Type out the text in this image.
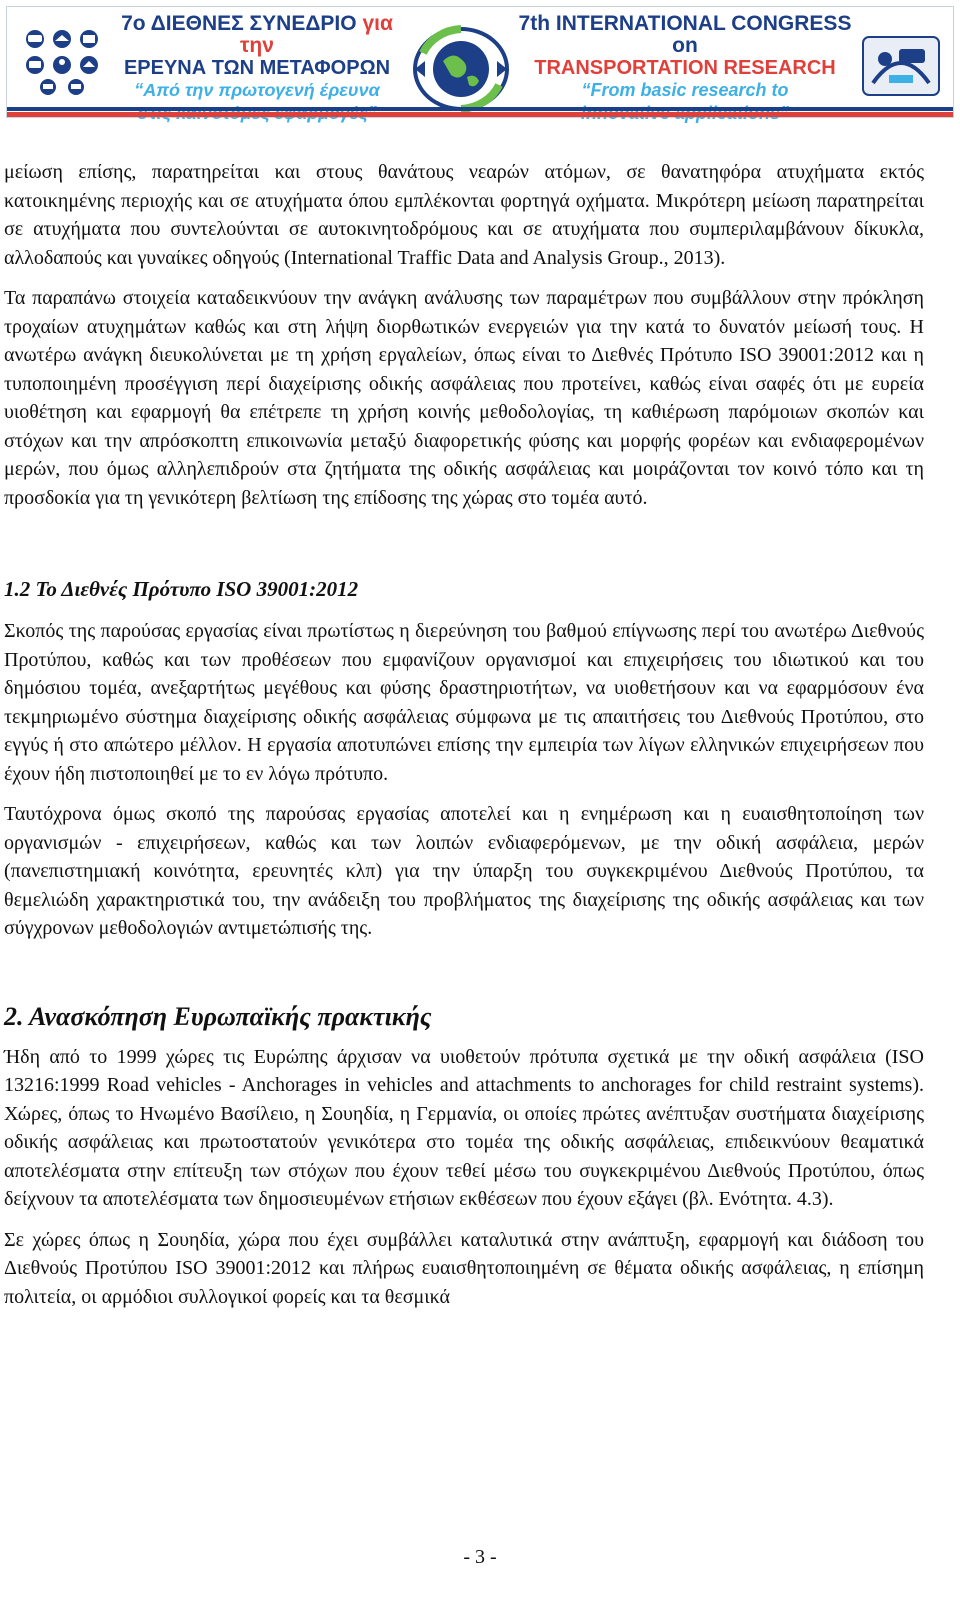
7ο ΔΙΕΘΝΕΣ ΣΥΝΕΔΡΙΟ για την
ΕΡΕΥΝΑ ΤΩΝ ΜΕΤΑΦΟΡΩΝ
“Από την πρωτογενή έρευνα
7th INTERNATIONAL CONGRESS on
TRANSPORTATION RESEARCH
“From basic research to

μείωση επίσης, παρατηρείται και στους θανάτους νεαρών ατόμων, σε θανατηφόρα ατυχήματα εκτός κατοικημένης περιοχής και σε ατυχήματα όπου εμπλέκονται φορτηγά οχήματα. Μικρότερη μείωση παρατηρείται σε ατυχήματα που συντελούνται σε αυτοκινητοδρόμους και σε ατυχήματα που συμπεριλαμβάνουν δίκυκλα, αλλοδαπούς και γυναίκες οδηγούς (International Traffic Data and Analysis Group., 2013).

Τα παραπάνω στοιχεία καταδεικνύουν την ανάγκη ανάλυσης των παραμέτρων που συμβάλλουν στην πρόκληση τροχαίων ατυχημάτων καθώς και στη λήψη διορθωτικών ενεργειών για την κατά το δυνατόν μείωσή τους. Η ανωτέρω ανάγκη διευκολύνεται με τη χρήση εργαλείων, όπως είναι το Διεθνές Πρότυπο ISO 39001:2012 και η τυποποιημένη προσέγγιση περί διαχείρισης οδικής ασφάλειας που προτείνει, καθώς είναι σαφές ότι με ευρεία υιοθέτηση και εφαρμογή θα επέτρεπε τη χρήση κοινής μεθοδολογίας, τη καθιέρωση παρόμοιων σκοπών και στόχων και την απρόσκοπτη επικοινωνία μεταξύ διαφορετικής φύσης και μορφής φορέων και ενδιαφερομένων μερών, που όμως αλληλεπιδρούν στα ζητήματα της οδικής ασφάλειας και μοιράζονται τον κοινό τόπο και τη προσδοκία για τη γενικότερη βελτίωση της επίδοσης της χώρας στο τομέα αυτό.

1.2 Το Διεθνές Πρότυπο ISO 39001:2012

Σκοπός της παρούσας εργασίας είναι πρωτίστως η διερεύνηση του βαθμού επίγνωσης περί του ανωτέρω Διεθνούς Προτύπου, καθώς και των προθέσεων που εμφανίζουν οργανισμοί και επιχειρήσεις του ιδιωτικού και του δημόσιου τομέα, ανεξαρτήτως μεγέθους και φύσης δραστηριοτήτων, να υιοθετήσουν και να εφαρμόσουν ένα τεκμηριωμένο σύστημα διαχείρισης οδικής ασφάλειας σύμφωνα με τις απαιτήσεις του Διεθνούς Προτύπου, στο εγγύς ή στο απώτερο μέλλον. Η εργασία αποτυπώνει επίσης την εμπειρία των λίγων ελληνικών επιχειρήσεων που έχουν ήδη πιστοποιηθεί με το εν λόγω πρότυπο.

Ταυτόχρονα όμως σκοπό της παρούσας εργασίας αποτελεί και η ενημέρωση και η ευαισθητοποίηση των οργανισμών - επιχειρήσεων, καθώς και των λοιπών ενδιαφερόμενων, με την οδική ασφάλεια, μερών (πανεπιστημιακή κοινότητα, ερευνητές κλπ) για την ύπαρξη του συγκεκριμένου Διεθνούς Προτύπου, τα θεμελιώδη χαρακτηριστικά του, την ανάδειξη του προβλήματος της διαχείρισης της οδικής ασφάλειας και των σύγχρονων μεθοδολογιών αντιμετώπισής της.

2. Ανασκόπηση Ευρωπαϊκής πρακτικής

Ήδη από το 1999 χώρες τις Ευρώπης άρχισαν να υιοθετούν πρότυπα σχετικά με την οδική ασφάλεια (ISO 13216:1999 Road vehicles - Anchorages in vehicles and attachments to anchorages for child restraint systems). Χώρες, όπως το Ηνωμένο Βασίλειο, η Σουηδία, η Γερμανία, οι οποίες πρώτες ανέπτυξαν συστήματα διαχείρισης οδικής ασφάλειας και πρωτοστατούν γενικότερα στο τομέα της οδικής ασφάλειας, επιδεικνύουν θεαματικά αποτελέσματα στην επίτευξη των στόχων που έχουν τεθεί μέσω του συγκεκριμένου Διεθνούς Προτύπου, όπως δείχνουν τα αποτελέσματα των δημοσιευμένων ετήσιων εκθέσεων που έχουν εξάγει (βλ. Ενότητα. 4.3).

Σε χώρες όπως η Σουηδία, χώρα που έχει συμβάλλει καταλυτικά στην ανάπτυξη, εφαρμογή και διάδοση του Διεθνούς Προτύπου ISO 39001:2012 και πλήρως ευαισθητοποιημένη σε θέματα οδικής ασφάλειας, η επίσημη πολιτεία, οι αρμόδιοι συλλογικοί φορείς και τα θεσμικά

- 3 -
